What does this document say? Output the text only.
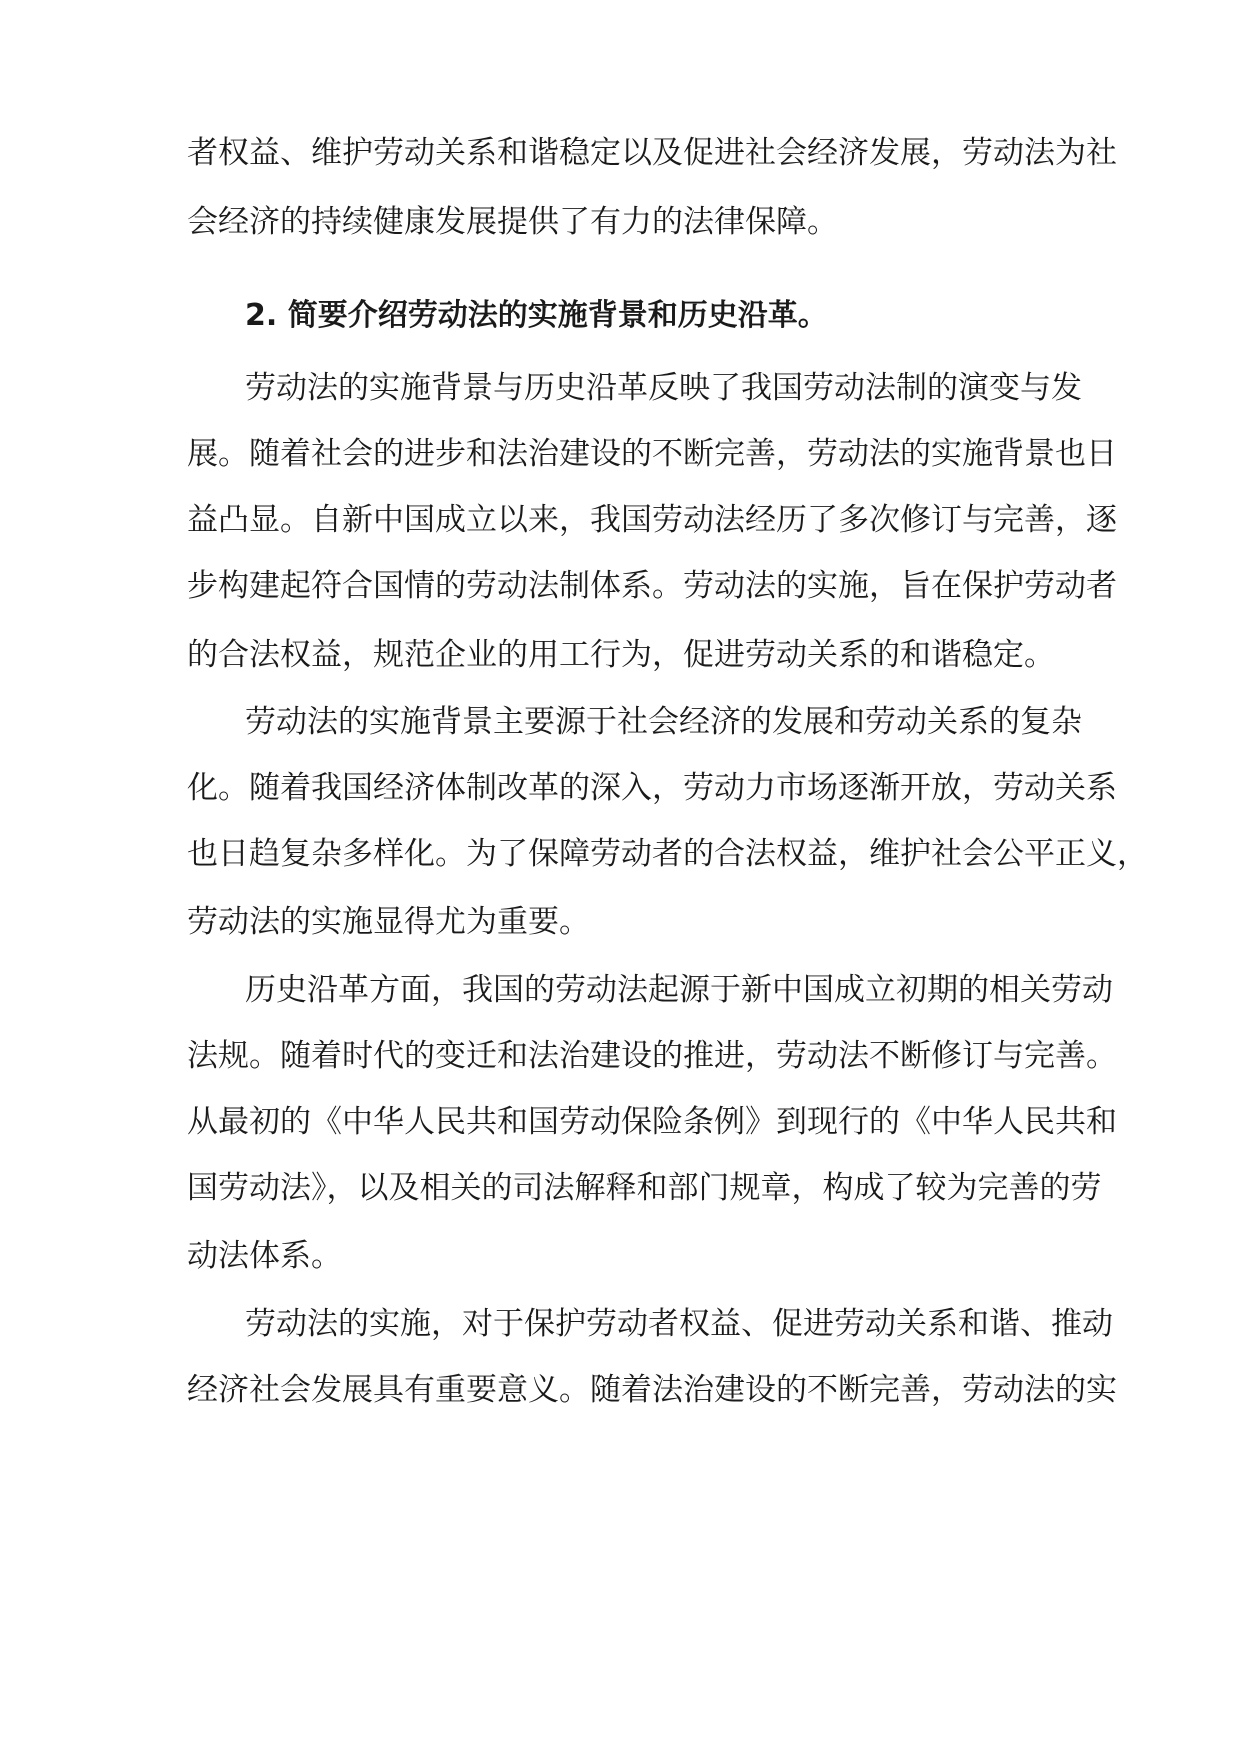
者权益、维护劳动关系和谐稳定以及促进社会经济发展，劳动法为社
会经济的持续健康发展提供了有力的法律保障。
2. 简要介绍劳动法的实施背景和历史沿革。
劳动法的实施背景与历史沿革反映了我国劳动法制的演变与发
展。随着社会的进步和法治建设的不断完善，劳动法的实施背景也日
益凸显。自新中国成立以来，我国劳动法经历了多次修订与完善，逐
步构建起符合国情的劳动法制体系。劳动法的实施，旨在保护劳动者
的合法权益，规范企业的用工行为，促进劳动关系的和谐稳定。
劳动法的实施背景主要源于社会经济的发展和劳动关系的复杂
化。随着我国经济体制改革的深入，劳动力市场逐渐开放，劳动关系
也日趋复杂多样化。为了保障劳动者的合法权益，维护社会公平正义，
劳动法的实施显得尤为重要。
历史沿革方面，我国的劳动法起源于新中国成立初期的相关劳动
法规。随着时代的变迁和法治建设的推进，劳动法不断修订与完善。
从最初的《中华人民共和国劳动保险条例》到现行的《中华人民共和
国劳动法》，以及相关的司法解释和部门规章，构成了较为完善的劳
动法体系。
劳动法的实施，对于保护劳动者权益、促进劳动关系和谐、推动
经济社会发展具有重要意义。随着法治建设的不断完善，劳动法的实
